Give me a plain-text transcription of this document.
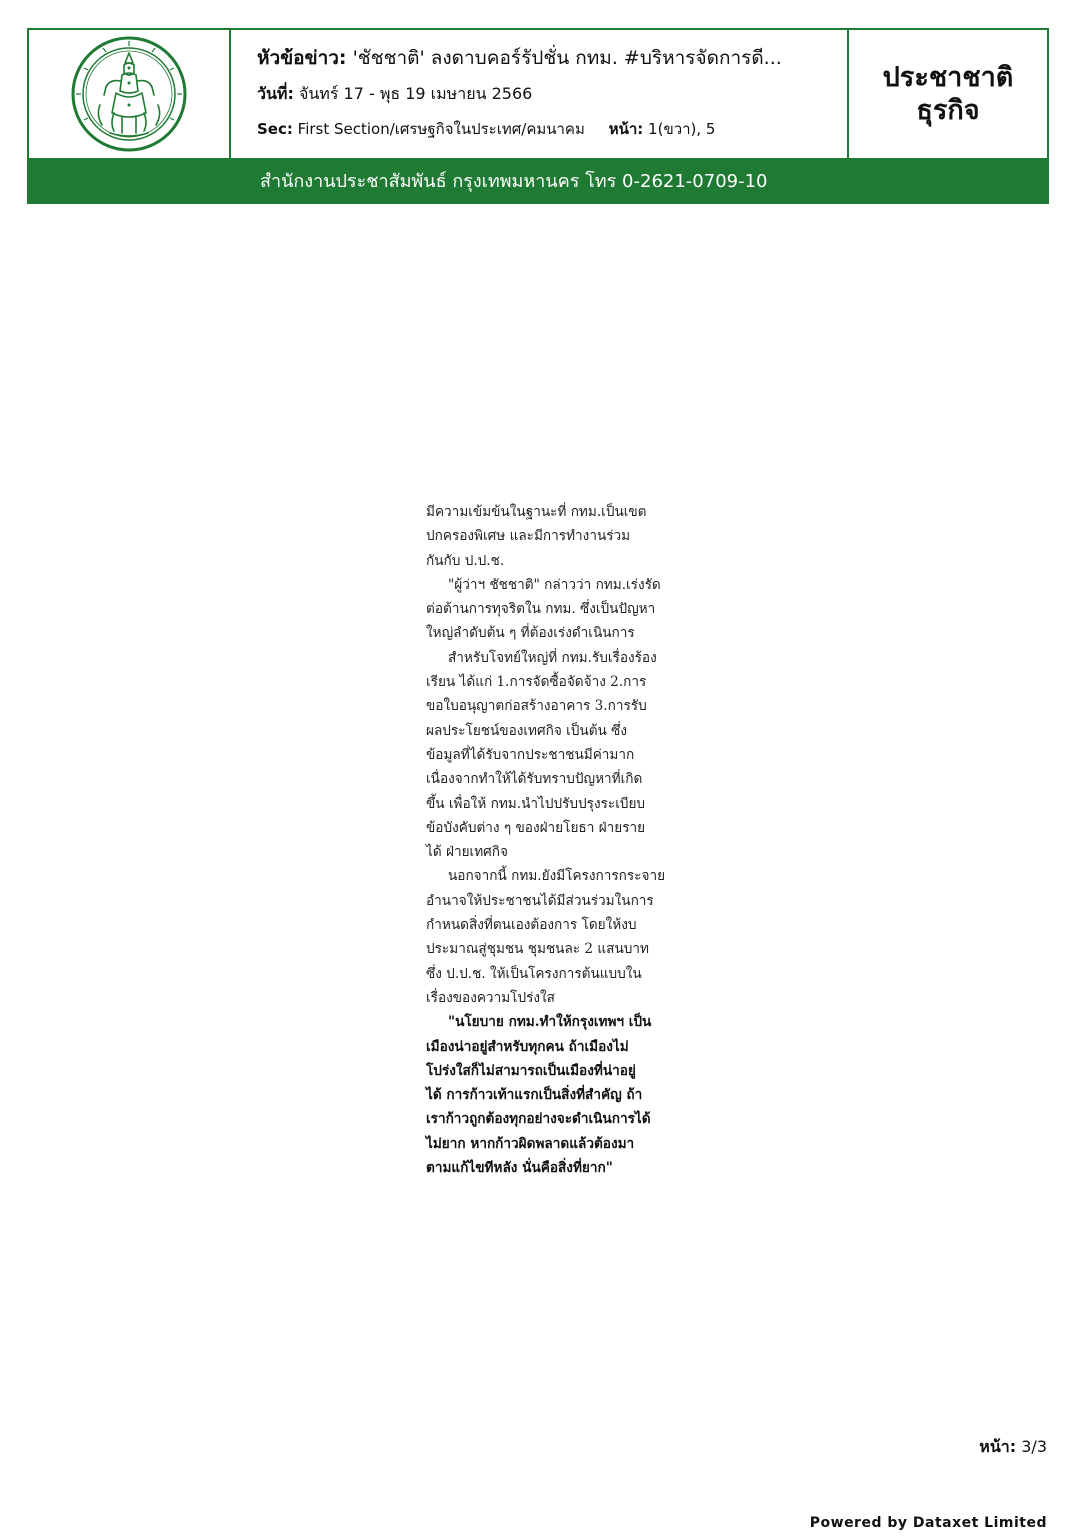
หัวข้อข่าว: 'ชัชชาติ' ลงดาบคอร์รัปชั่น กทม. #บริหารจัดการดี...
วันที่: จันทร์ 17 - พุธ 19 เมษายน 2566
Sec: First Section/เศรษฐกิจในประเทศ/คมนาคม หน้า: 1(ขวา), 5
ประชาชาติ
ธุรกิจ
สำนักงานประชาสัมพันธ์ กรุงเทพมหานคร โทร 0-2621-0709-10

มีความเข้มข้นในฐานะที่ กทม.เป็นเขต
ปกครองพิเศษ และมีการทำงานร่วม
กันกับ ป.ป.ช.

"ผู้ว่าฯ ชัชชาติ" กล่าวว่า กทม.เร่งรัด
ต่อต้านการทุจริตใน กทม. ซึ่งเป็นปัญหา
ใหญ่ลำดับต้น ๆ ที่ต้องเร่งดำเนินการ

สำหรับโจทย์ใหญ่ที่ กทม.รับเรื่องร้อง
เรียน ได้แก่ 1.การจัดซื้อจัดจ้าง 2.การ
ขอใบอนุญาตก่อสร้างอาคาร 3.การรับ
ผลประโยชน์ของเทศกิจ เป็นต้น ซึ่ง
ข้อมูลที่ได้รับจากประชาชนมีค่ามาก
เนื่องจากทำให้ได้รับทราบปัญหาที่เกิด
ขึ้น เพื่อให้ กทม.นำไปปรับปรุงระเบียบ
ข้อบังคับต่าง ๆ ของฝ่ายโยธา ฝ่ายราย
ได้ ฝ่ายเทศกิจ

นอกจากนี้ กทม.ยังมีโครงการกระจาย
อำนาจให้ประชาชนได้มีส่วนร่วมในการ
กำหนดสิ่งที่ตนเองต้องการ โดยให้งบ
ประมาณสู่ชุมชน ชุมชนละ 2 แสนบาท
ซึ่ง ป.ป.ช. ให้เป็นโครงการต้นแบบใน
เรื่องของความโปร่งใส

"นโยบาย กทม.ทำให้กรุงเทพฯ เป็น
เมืองน่าอยู่สำหรับทุกคน ถ้าเมืองไม่
โปร่งใสก็ไม่สามารถเป็นเมืองที่น่าอยู่
ได้ การก้าวเท้าแรกเป็นสิ่งที่สำคัญ ถ้า
เราก้าวถูกต้องทุกอย่างจะดำเนินการได้
ไม่ยาก หากก้าวผิดพลาดแล้วต้องมา
ตามแก้ไขทีหลัง นั่นคือสิ่งที่ยาก"

หน้า: 3/3
Powered by Dataxet Limited
